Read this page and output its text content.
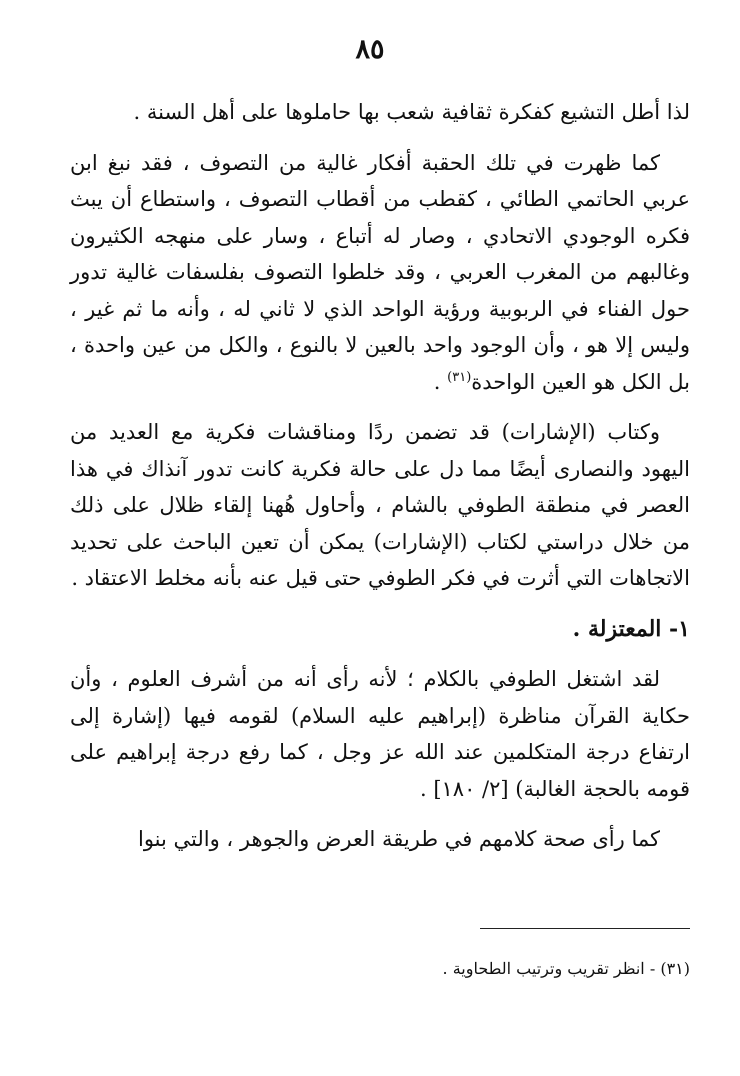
٨٥

لذا أطل التشيع كفكرة ثقافية شعب بها حاملوها على أهل السنة .

كما ظهرت في تلك الحقبة أفكار غالية من التصوف ، فقد نبغ ابن عربي الحاتمي الطائي ، كقطب من أقطاب التصوف ، واستطاع أن يبث فكره الوجودي الاتحادي ، وصار له أتباع ، وسار على منهجه الكثيرون وغالبهم من المغرب العربي ، وقد خلطوا التصوف بفلسفات غالية تدور حول الفناء في الربوبية ورؤية الواحد الذي لا ثاني له ، وأنه ما ثم غير ، وليس إلا هو ، وأن الوجود واحد بالعين لا بالنوع ، والكل من عين واحدة ، بل الكل هو العين الواحدة$^{(٣١)}$ .

وكتاب (الإشارات) قد تضمن ردًا ومناقشات فكرية مع العديد من اليهود والنصارى أيضًا مما دل على حالة فكرية كانت تدور آنذاك في هذا العصر في منطقة الطوفي بالشام ، وأحاول هُهنا إلقاء ظلال على ذلك من خلال دراستي لكتاب (الإشارات) يمكن أن تعين الباحث على تحديد الاتجاهات التي أثرت في فكر الطوفي حتى قيل عنه بأنه مخلط الاعتقاد .

١- المعتزلة .

لقد اشتغل الطوفي بالكلام ؛ لأنه رأى أنه من أشرف العلوم ، وأن حكاية القرآن مناظرة (إبراهيم عليه السلام) لقومه فيها (إشارة إلى ارتفاع درجة المتكلمين عند الله عز وجل ، كما رفع درجة إبراهيم على قومه بالحجة الغالبة) [٢/ ١٨٠] .

كما رأى صحة كلامهم في طريقة العرض والجوهر ، والتي بنوا

(٣١) - انظر تقريب وترتيب الطحاوية .
